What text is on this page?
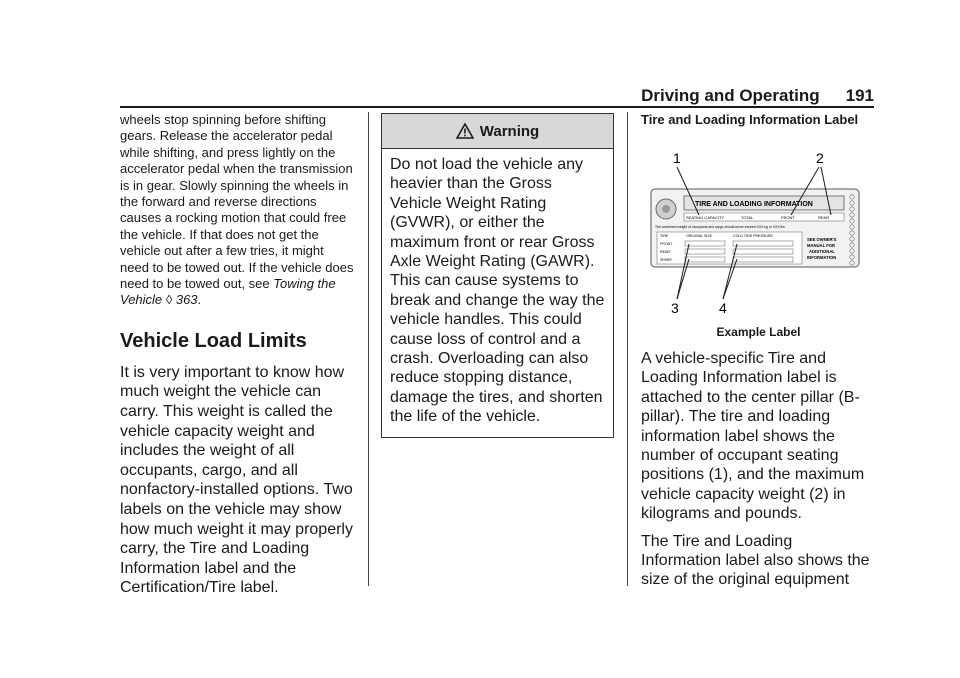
Driving and Operating 191

wheels stop spinning before shifting gears. Release the accelerator pedal while shifting, and press lightly on the accelerator pedal when the transmission is in gear. Slowly spinning the wheels in the forward and reverse directions causes a rocking motion that could free the vehicle. If that does not get the vehicle out after a few tries, it might need to be towed out. If the vehicle does need to be towed out, see Towing the Vehicle ◊ 363.

Vehicle Load Limits

It is very important to know how much weight the vehicle can carry. This weight is called the vehicle capacity weight and includes the weight of all occupants, cargo, and all nonfactory-installed options. Two labels on the vehicle may show how much weight it may properly carry, the Tire and Loading Information label and the Certification/Tire label.

Warning
Do not load the vehicle any heavier than the Gross Vehicle Weight Rating (GVWR), or either the maximum front or rear Gross Axle Weight Rating (GAWR). This can cause systems to break and change the way the vehicle handles. This could cause loss of control and a crash. Overloading can also reduce stopping distance, damage the tires, and shorten the life of the vehicle.

Tire and Loading Information Label

1	2
3	4
TIRE AND LOADING INFORMATION
SEATING CAPACITY	TOTAL	FRONT	REAR
The combined weight of occupants and cargo should never exceed XXX kg or XXX lbs
TIRE	ORIGINAL SIZE	COLD TIRE PRESSURE
FRONT
REAR
SPARE
SEE OWNER'S
MANUAL FOR
ADDITIONAL
INFORMATION

Example Label

A vehicle-specific Tire and Loading Information label is attached to the center pillar (B-pillar). The tire and loading information label shows the number of occupant seating positions (1), and the maximum vehicle capacity weight (2) in kilograms and pounds.

The Tire and Loading Information label also shows the size of the original equipment
